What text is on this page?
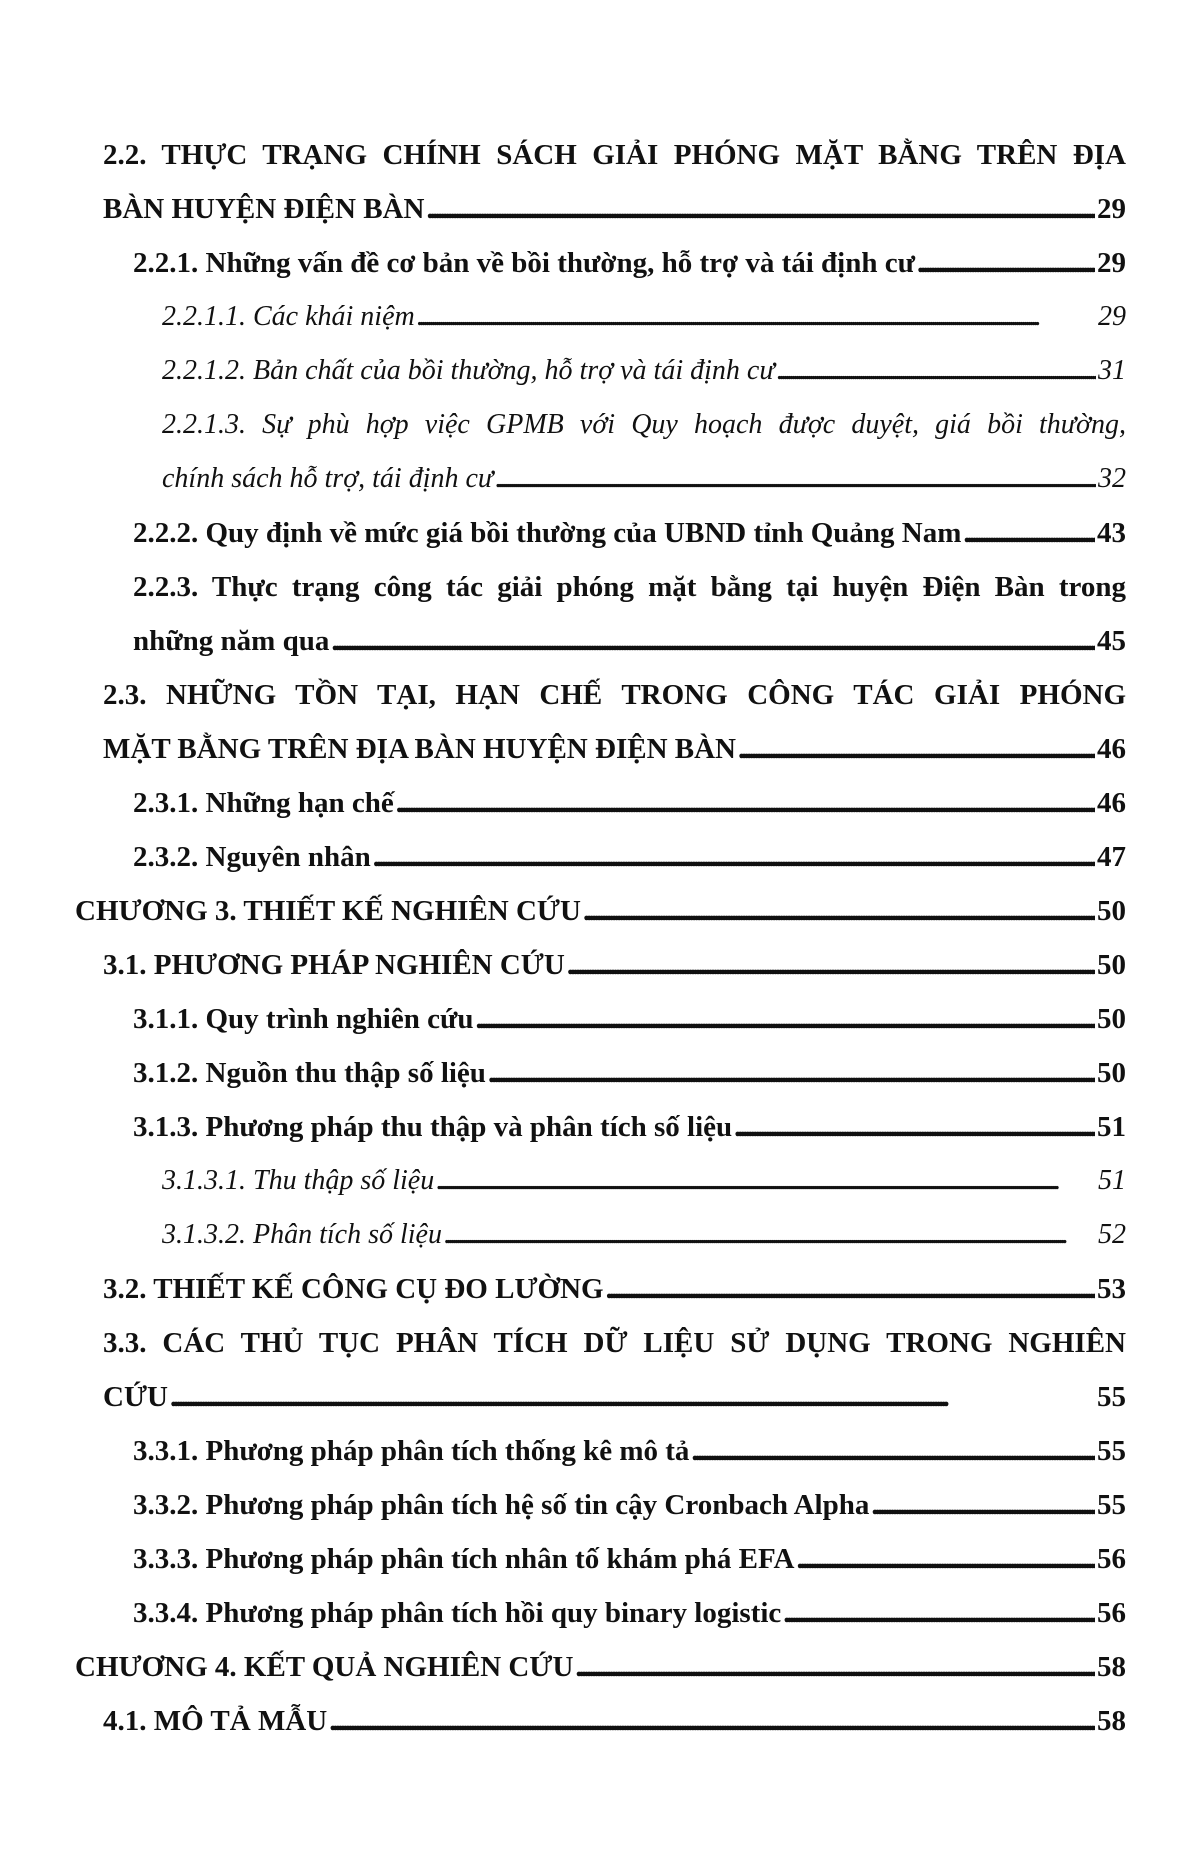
2.2. THỰC TRẠNG CHÍNH SÁCH GIẢI PHÓNG MẶT BẰNG TRÊN ĐỊA
BÀN HUYỆN ĐIỆN BÀN . . .	29
2.2.1. Những vấn đề cơ bản về bồi thường, hỗ trợ và tái định cư . . .	29
2.2.1.1. Các khái niệm . . .	29
2.2.1.2. Bản chất của bồi thường, hỗ trợ và tái định cư . . .	31
2.2.1.3. Sự phù hợp việc GPMB với Quy hoạch được duyệt, giá bồi thường,
chính sách hỗ trợ, tái định cư . . .	32
2.2.2. Quy định về mức giá bồi thường của UBND tỉnh Quảng Nam . . .	43
2.2.3. Thực trạng công tác giải phóng mặt bằng tại huyện Điện Bàn trong
những năm qua . . .	45
2.3. NHỮNG TỒN TẠI, HẠN CHẾ TRONG CÔNG TÁC GIẢI PHÓNG
MẶT BẰNG TRÊN ĐỊA BÀN HUYỆN ĐIỆN BÀN . . .	46
2.3.1. Những hạn chế . . .	46
2.3.2. Nguyên nhân . . .	47
CHƯƠNG 3. THIẾT KẾ NGHIÊN CỨU . . .	50
3.1. PHƯƠNG PHÁP NGHIÊN CỨU . . .	50
3.1.1. Quy trình nghiên cứu . . .	50
3.1.2. Nguồn thu thập số liệu . . .	50
3.1.3. Phương pháp thu thập và phân tích số liệu . . .	51
3.1.3.1. Thu thập số liệu . . .	51
3.1.3.2. Phân tích số liệu . . .	52
3.2. THIẾT KẾ CÔNG CỤ ĐO LƯỜNG . . .	53
3.3. CÁC THỦ TỤC PHÂN TÍCH DỮ LIỆU SỬ DỤNG TRONG NGHIÊN
CỨU . . .	55
3.3.1. Phương pháp phân tích thống kê mô tả . . .	55
3.3.2. Phương pháp phân tích hệ số tin cậy Cronbach Alpha . . .	55
3.3.3. Phương pháp phân tích nhân tố khám phá EFA . . .	56
3.3.4. Phương pháp phân tích hồi quy binary logistic . . .	56
CHƯƠNG 4. KẾT QUẢ NGHIÊN CỨU . . .	58
4.1. MÔ TẢ MẪU . . .	58
